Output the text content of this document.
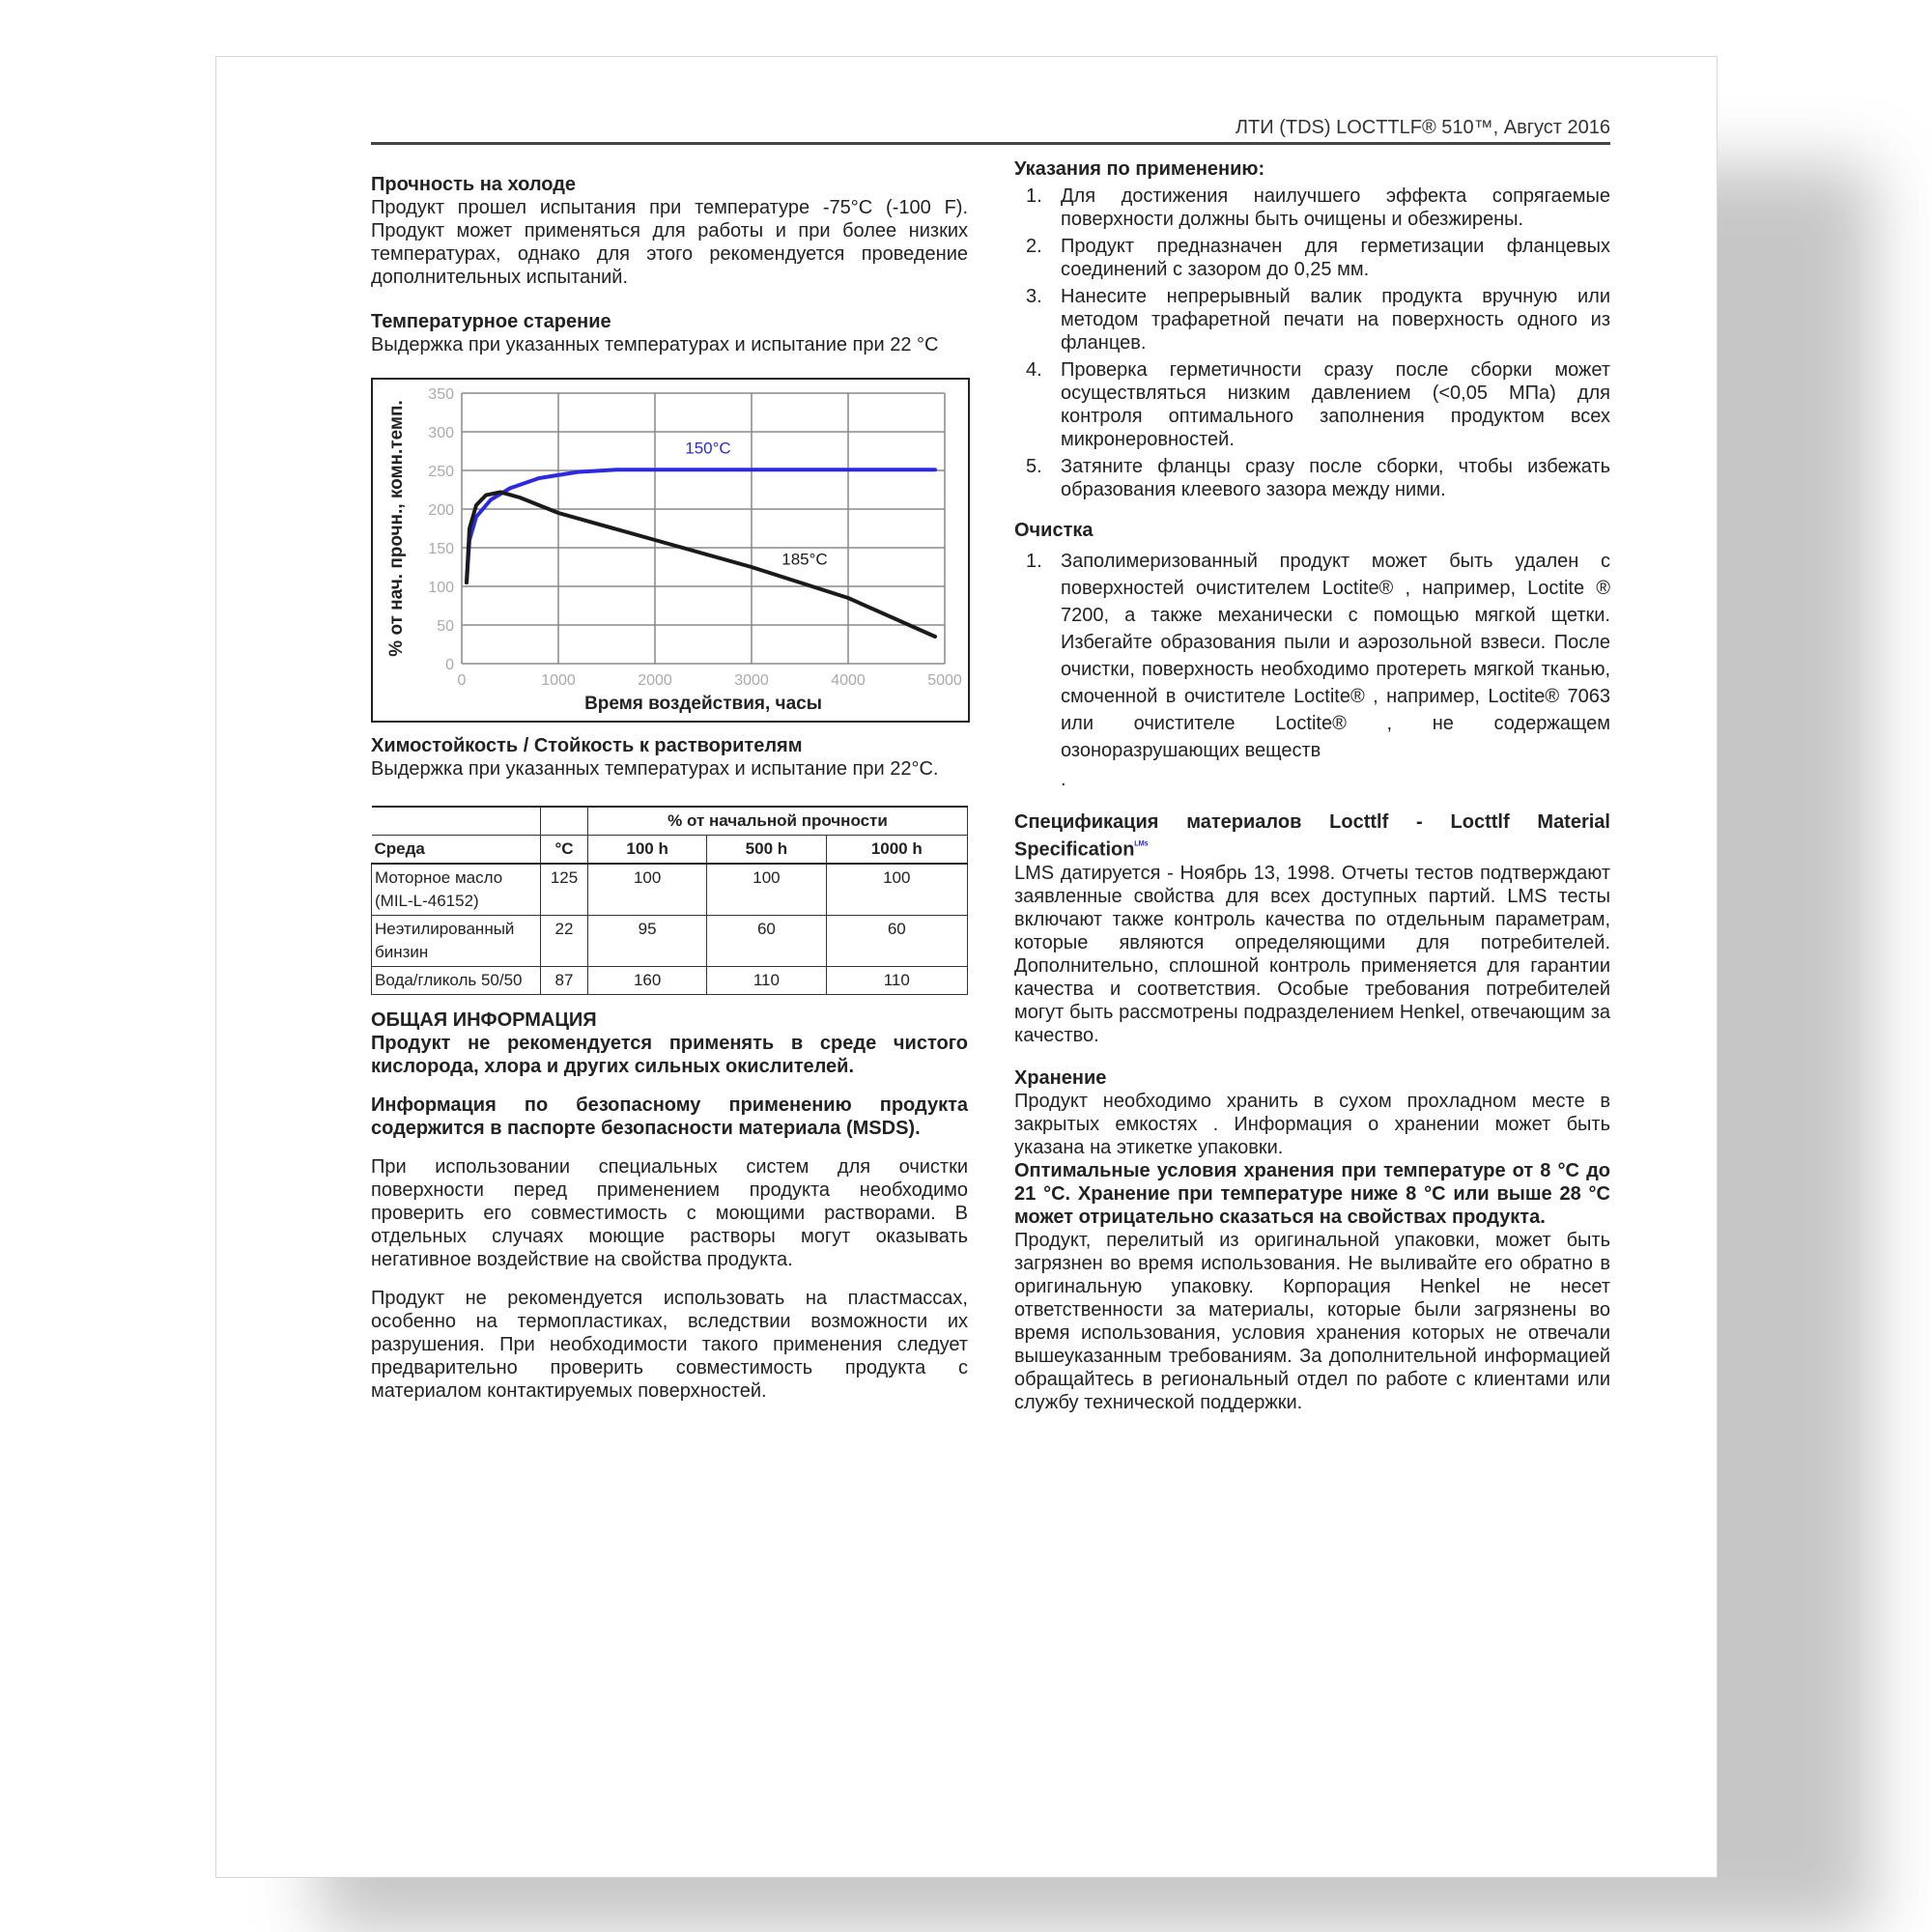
ЛТИ (TDS) LOCTTLF® 510™, Август 2016
Прочность на холоде

Продукт прошел испытания при температуре -75°C (-100 F). Продукт может применяться для работы и при более низких температурах, однако для этого рекомендуется проведение дополнительных испытаний.

Температурное старение

Выдержка при указанных температурах и испытание при 22 °C

0
50
100
150
200
250
300
350
0	1000	2000	3000	4000	5000
Время воздействия, часы
% от нач. прочн., комн.темп.	150°C
185°C
Химостойкость / Стойкость к растворителям

Выдержка при указанных температурах и испытание при 22°C.

		% от начальной прочности		
Среда	°C	100 h	500 h	1000 h
Моторное масло (MIL-L-46152)	125	100	100	100
Неэтилированный бинзин	22	95	60	60
Вода/гликоль 50/50	87	160	110	110
ОБЩАЯ ИНФОРМАЦИЯ

Продукт не рекомендуется применять в среде чистого кислорода, хлора и других сильных окислителей.

Информация по безопасному применению продукта содержится в паспорте безопасности материала (MSDS).

При использовании специальных систем для очистки поверхности перед применением продукта необходимо проверить его совместимость с моющими растворами. В отдельных случаях моющие растворы могут оказывать негативное воздействие на свойства продукта.

Продукт не рекомендуется использовать на пластмассах, особенно на термопластиках, вследствии возможности их разрушения. При необходимости такого применения следует предварительно проверить совместимость продукта с материалом контактируемых поверхностей.

Указания по применению:
1. Для достижения наилучшего эффекта сопрягаемые поверхности должны быть очищены и обезжирены.
2. Продукт предназначен для герметизации фланцевых соединений с зазором до 0,25 мм.
3. Нанесите непрерывный валик продукта вручную или методом трафаретной печати на поверхность одного из фланцев.
4. Проверка герметичности сразу после сборки может осуществляться низким давлением (<0,05 МПа) для контроля оптимального заполнения продуктом всех микронеровностей.
5. Затяните фланцы сразу после сборки, чтобы избежать образования клеевого зазора между ними.
Очистка
1. Заполимеризованный продукт может быть удален с поверхностей очистителем Loctite® , например, Loctite ® 7200, а также механически с помощью мягкой щетки. Избегайте образования пыли и аэрозольной взвеси. После очистки, поверхность необходимо протереть мягкой тканью, смоченной в очистителе Loctite® , например, Loctite® 7063 или очистителе Loctite® , не содержащем озоноразрушающих веществ

.

Спецификация материалов Locttlf - Locttlf Material Specification$^{ᴸᴹˢ}$

LMS датируется - Ноябрь 13, 1998. Отчеты тестов подтверждают заявленные свойства для всех доступных партий. LMS тесты включают также контроль качества по отдельным параметрам, которые являются определяющими для потребителей. Дополнительно, сплошной контроль применяется для гарантии качества и соответствия. Особые требования потребителей могут быть рассмотрены подразделением Henkel, отвечающим за качество.

Хранение

Продукт необходимо хранить в сухом прохладном месте в закрытых емкостях . Информация о хранении может быть указана на этикетке упаковки.

Оптимальные условия хранения при температуре от 8 °C до 21 °C. Хранение при температуре ниже 8 °C или выше 28 °C может отрицательно сказаться на свойствах продукта.

Продукт, перелитый из оригинальной упаковки, может быть загрязнен во время использования. Не выливайте его обратно в оригинальную упаковку. Корпорация Henkel не несет ответственности за материалы, которые были загрязнены во время использования, условия хранения которых не отвечали вышеуказанным требованиям. За дополнительной информацией обращайтесь в региональный отдел по работе с клиентами или службу технической поддержки.
